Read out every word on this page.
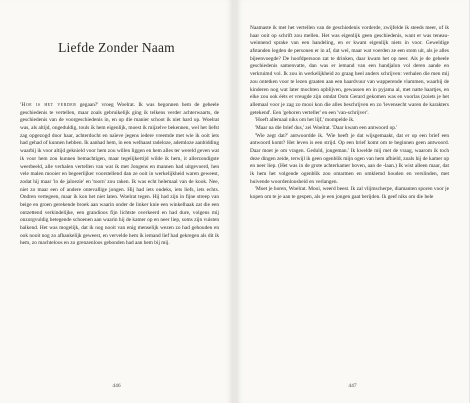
Liefde Zonder Naam

'Hoe is het verder gegaan?' vroeg Woelrat. Ik was begonnen hem de geheele geschiedenis te vertellen, maar zoals gebruikelijk ging ik telkens verder achterwaarts, de geschiedenis van de voorgeschiedenis in, en op die manier schoot ik niet hard op. Woelrat was, als altijd, ongeduldig, touls ik hem eigenlijk, moest ik mijzelve bekennen, wel het liefst zag opgezogd door haar, achterdocht en naïeve jegens iedere vreemde met wie ik ooit iets had gehad of kunnen hebben. Ik aanhad hem, in een welhaast radeloze, ademloze aanbidding waarbij ik voor altijd geknield voor hem zou willen liggen en hem alles ter wereld geven wat ik voor hem zou kunnen bemachtigen, maar tegelijkertijd wilde ik hem, it allerzondigste weerbeeld, alle verhalen vertellen van wat ik met Jongens en mannen had uitgevoerd, hen vele malen mooier en begeerlijker voorstellend dan ze ooit in werkelijkheid waren geweest, zodat hij maar 'in de jaloezie' en 'toorn' zou raken. Ik was echt helemaal van de kook. Nee, niet zo maar een of andere ontevallige jongen. Hij had iets ondeks, iets liefs, iets echts. Ondren vertegeen, maar ik kon het niet laten. Woelrat tegen. Hij had zijn in fijne streep van beige en groen gerekende broek aan waarin onder de linker knie een winkelhaak zat die een ontzettend verkindelijke, een grandioos fijn lichtste overkeerd en had dure, volgens mij onzorgvuldig betegende schoenen aan waarin hij de kamer op en neer liep, soms zijn vuisten balkend. Het was mogelijk, dat ik nog nooit van enig menselijk wezen zo had gehouden en ook nooit nog zo afhankelijk geweest, en vervelde hem ik iemand lief had gekregen als dit ik hem, zo machteloos en zo grenzenloos gebonden had aan hem bij mij.

446

Naamaste ik met het vertellen van de geschiedenis vorderde, zwijfelde ik steeds meer, of ik haar ooit op schrift zou mellen. Het was eigenlijk geen geschiedenis, want er was teneauweinnend sprake van een handeling, en er kwam eigenlijk niets in voor. Geweldige afstanden legden de personen er in af, dat wel, maar wat voerden ze een stom uit, als je alles bijeenvoegde? De hoofdpersoon zat te drinken, daar kwam het op neer. Als je de geheele geschiedenis samenvatte, dan was er iemand van een handjalon vol deren aande en verkruimd vol. Ik zou in werkelijkheid zo graag heel anders schrijven: verhalen die men mij zou ontetken voor te lezen graaten aan een haardvuur van wapperende vlammen, waarbij de kinderen nog wat later mochten opblijven, gewassen en in pyjama al, met natte haartjes, en elke zou ook ééts et vreugde zijn omdat Oom Gerard gekomen was en voorlas (zoiets je het allemaal voor je zag zo mooi kon die alles beschrijven en zo 'levensecht waren de karakters getekend'. Een 'geboren verteller' en een 'van-schrijver'.

'Hoeft allemaal niks om het lijf,' mompelde ik.

'Maar na die brief dus,' zei Woelrat. 'Daar kwam een antwoord op.'

'Wie zegt dat?' antwoordde ik. 'Wie heeft je dat wijsgemaakt, dat er op een brief een antwoord komt? Het leven is een strijd. Op een brief komt om te beginnen geen antwoord. Daar moet je om vragen. Geduld, jongeman.' Ik kwelde mij met de vraag, waarom ik toch deze dingen zeide, terwijl ik geen ogenblik mijn ogen van hem afhield, zoals hij de kamer op en neer liep. (Het was in de grote achterkamer boven, aan de -laan.) Ik wist alleen maar, dat ik hem het volgende ogenblik zou omarmen en omklemd houden en verslinden, met huivende woordenloosheid en verlangen.

'Moet je horen, Woelrat. Mooi, weerd beest. Ik zal vlijmscherpe, diamanten sporen voor je kopen om te je aan te gespen, als je een jongen gaat berijden. Ik geef niks om die hele

447
